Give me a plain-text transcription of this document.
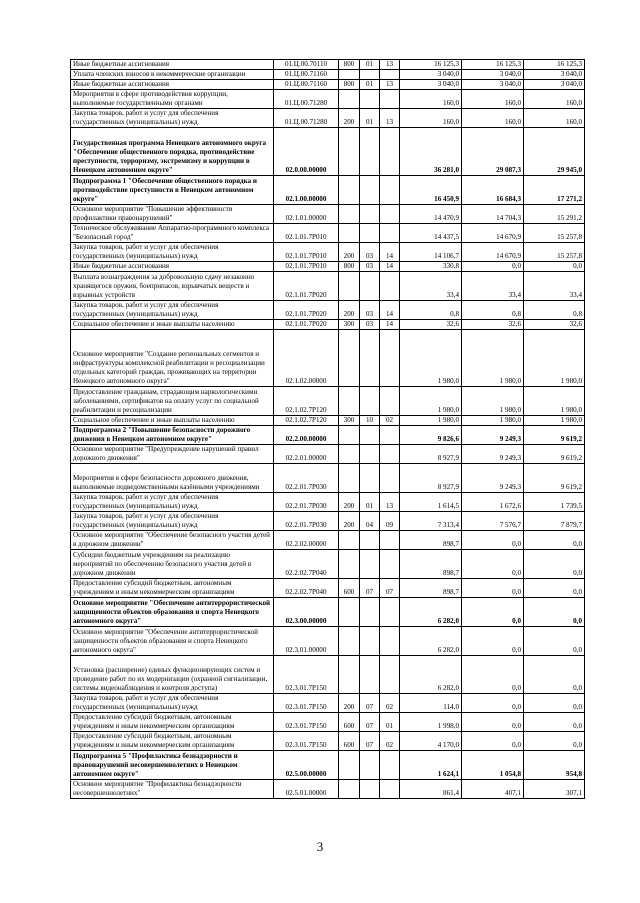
Иные бюджетные ассигнования	01.Ц.00.70110	800	01	13	16 125,3	16 125,3	16 125,3
Уплата членских взносов в некоммерческие организации	01.Ц.00.71160				3 040,0	3 040,0	3 040,0
Иные бюджетные ассигнования	01.Ц.00.71160	800	01	13	3 040,0	3 040,0	3 040,0
Мероприятия в сфере противодействия коррупции, выполняемые государственными органами	01.Ц.00.71280				160,0	160,0	160,0
Закупка товаров, работ и услуг для обеспечения государственных (муниципальных) нужд	01.Ц.00.71280	200	01	13	160,0	160,0	160,0
Государственная программа Ненецкого автономного округа "Обеспечение общественного порядка, противодействие преступности, терроризму, экстремизму и коррупции в Ненецком автономном округе"	02.0.00.00000				36 281,0	29 087,3	29 945,0
Подпрограмма 1 "Обеспечение общественного порядка и противодействие преступности в Ненецком автономном округе"	02.1.00.00000				16 450,9	16 684,3	17 271,2
Основное мероприятие "Повышение эффективности профилактики правонарушений"	02.1.01.00000				14 470,9	14 704,3	15 291,2
Техническое обслуживание Аппаратно-программного комплекса "Безопасный город"	02.1.01.7Р010				14 437,5	14 670,9	15 257,8
Закупка товаров, работ и услуг для обеспечения государственных (муниципальных) нужд	02.1.01.7Р010	200	03	14	14 106,7	14 670,9	15 257,8
Иные бюджетные ассигнования	02.1.01.7Р010	800	03	14	330,8	0,0	0,0
Выплата вознаграждения за добровольную сдачу незаконно хранящегося оружия, боеприпасов, взрывчатых веществ и взрывных устройств	02.1.01.7Р020				33,4	33,4	33,4
Закупка товаров, работ и услуг для обеспечения государственных (муниципальных) нужд	02.1.01.7Р020	200	03	14	0,8	0,8	0,8
Социальное обеспечение и иные выплаты населению	02.1.01.7Р020	300	03	14	32,6	32,6	32,6
Основное мероприятие "Создание региональных сегментов и инфраструктуры комплексной реабилитации и ресоциализации отдельных категорий граждан, проживающих на территории Ненецкого автономного округа"	02.1.02.00000				1 980,0	1 980,0	1 980,0
Предоставление гражданам, страдающим наркологическими заболеваниями, сертификатов на оплату услуг по социальной реабилитации и ресоциализации	02.1.02.7Р120				1 980,0	1 980,0	1 980,0
Социальное обеспечение и иные выплаты населению	02.1.02.7Р120	300	10	02	1 980,0	1 980,0	1 980,0
Подпрограмма 2 "Повышение безопасности дорожного движения в Ненецком автономном округе"	02.2.00.00000				9 826,6	9 249,3	9 619,2
Основное мероприятие "Предупреждение нарушений правил дорожного движения"	02.2.01.00000				8 927,9	9 249,3	9 619,2
Мероприятия в сфере безопасности дорожного движения, выполняемые подведомственными казёнными учреждениями	02.2.01.7Р030				8 927,9	9 249,3	9 619,2
Закупка товаров, работ и услуг для обеспечения государственных (муниципальных) нужд	02.2.01.7Р030	200	01	13	1 614,5	1 672,6	1 739,5
Закупка товаров, работ и услуг для обеспечения государственных (муниципальных) нужд	02.2.01.7Р030	200	04	09	7 313,4	7 576,7	7 879,7
Основное мероприятие "Обеспечение безопасного участия детей в дорожном движении"	02.2.02.00000				898,7	0,0	0,0
Субсидии бюджетным учреждениям на реализацию мероприятий по обеспечению безопасного участия детей в дорожном движении	02.2.02.7Р040				898,7	0,0	0,0
Предоставление субсидий бюджетным, автономным учреждениям и иным некоммерческим организациям	02.2.02.7Р040	600	07	07	898,7	0,0	0,0
Основное мероприятие "Обеспечение антитеррористической защищенности объектов образования и спорта Ненецкого автономного округа"	02.3.00.00000				6 282,0	0,0	0,0
Основное мероприятие "Обеспечение антитеррористической защищенности объектов образования и спорта Ненецкого автономного округа"	02.3.01.00000				6 282,0	0,0	0,0
Установка (расширение) единых функционирующих систем и проведение работ по их модернизации (охранной сигнализации, системы видеонаблюдения и контроля доступа)	02.3.01.7Р150				6 282,0	0,0	0,0
Закупка товаров, работ и услуг для обеспечения государственных (муниципальных) нужд	02.3.01.7Р150	200	07	02	114,0	0,0	0,0
Предоставление субсидий бюджетным, автономным учреждениям и иным некоммерческим организациям	02.3.01.7Р150	600	07	01	1 998,0	0,0	0,0
Предоставление субсидий бюджетным, автономным учреждениям и иным некоммерческим организациям	02.3.01.7Р150	600	07	02	4 170,0	0,0	0,0
Подпрограмма 5 "Профилактика безнадзорности и правонарушений несовершеннолетних в Ненецком автономном округе"	02.5.00.00000				1 624,1	1 054,8	954,8
Основное мероприятие "Профилактика безнадзорности несовершеннолетних"	02.5.01.00000				861,4	407,1	307,1
3
